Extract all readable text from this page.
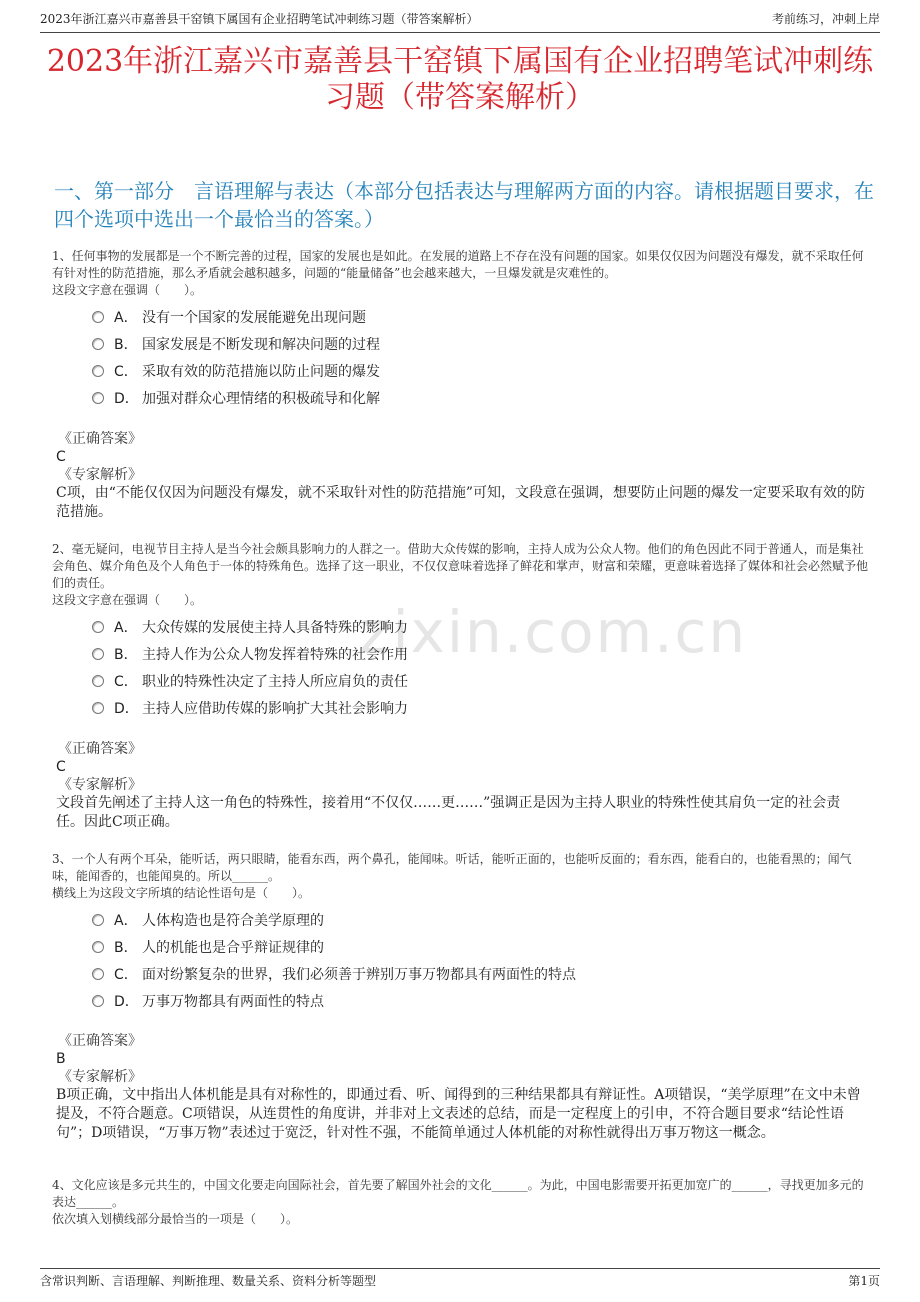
2023年浙江嘉兴市嘉善县干窑镇下属国有企业招聘笔试冲刺练习题（带答案解析）	考前练习，冲刺上岸
2023年浙江嘉兴市嘉善县干窑镇下属国有企业招聘笔试冲刺练习题（带答案解析）
一、第一部分　言语理解与表达（本部分包括表达与理解两方面的内容。请根据题目要求，在四个选项中选出一个最恰当的答案。）
zixin.com.cn

1、任何事物的发展都是一个不断完善的过程，国家的发展也是如此。在发展的道路上不存在没有问题的国家。如果仅仅因为问题没有爆发，就不采取任何有针对性的防范措施，那么矛盾就会越积越多，问题的“能量储备”也会越来越大，一旦爆发就是灾难性的。

这段文字意在强调（　　）。

A． 没有一个国家的发展能避免出现问题
B． 国家发展是不断发现和解决问题的过程
C． 采取有效的防范措施以防止问题的爆发
D． 加强对群众心理情绪的积极疏导和化解

《正确答案》

C

《专家解析》

C项，由“不能仅仅因为问题没有爆发，就不采取针对性的防范措施”可知，文段意在强调，想要防止问题的爆发一定要采取有效的防范措施。

2、毫无疑问，电视节目主持人是当今社会颇具影响力的人群之一。借助大众传媒的影响，主持人成为公众人物。他们的角色因此不同于普通人，而是集社会角色、媒介角色及个人角色于一体的特殊角色。选择了这一职业，不仅仅意味着选择了鲜花和掌声，财富和荣耀，更意味着选择了媒体和社会必然赋予他们的责任。

这段文字意在强调（　　）。

A． 大众传媒的发展使主持人具备特殊的影响力
B． 主持人作为公众人物发挥着特殊的社会作用
C． 职业的特殊性决定了主持人所应肩负的责任
D． 主持人应借助传媒的影响扩大其社会影响力

《正确答案》

C

《专家解析》

文段首先阐述了主持人这一角色的特殊性，接着用“不仅仅……更……”强调正是因为主持人职业的特殊性使其肩负一定的社会责任。因此C项正确。

3、一个人有两个耳朵，能听话，两只眼睛，能看东西，两个鼻孔，能闻味。听话，能听正面的，也能听反面的；看东西，能看白的，也能看黑的；闻气味，能闻香的，也能闻臭的。所以______。

横线上为这段文字所填的结论性语句是（　　）。

A． 人体构造也是符合美学原理的
B． 人的机能也是合乎辩证规律的
C． 面对纷繁复杂的世界，我们必须善于辨别万事万物都具有两面性的特点
D． 万事万物都具有两面性的特点

《正确答案》

B

《专家解析》

B项正确，文中指出人体机能是具有对称性的，即通过看、听、闻得到的三种结果都具有辩证性。A项错误，“美学原理”在文中未曾提及，不符合题意。C项错误，从连贯性的角度讲，并非对上文表述的总结，而是一定程度上的引申，不符合题目要求“结论性语句”；D项错误，“万事万物”表述过于宽泛，针对性不强，不能简单通过人体机能的对称性就得出万事万物这一概念。

4、文化应该是多元共生的，中国文化要走向国际社会，首先要了解国外社会的文化______。为此，中国电影需要开拓更加宽广的______，寻找更加多元的表达______。

依次填入划横线部分最恰当的一项是（　　）。

含常识判断、言语理解、判断推理、数量关系、资料分析等题型	第1页
